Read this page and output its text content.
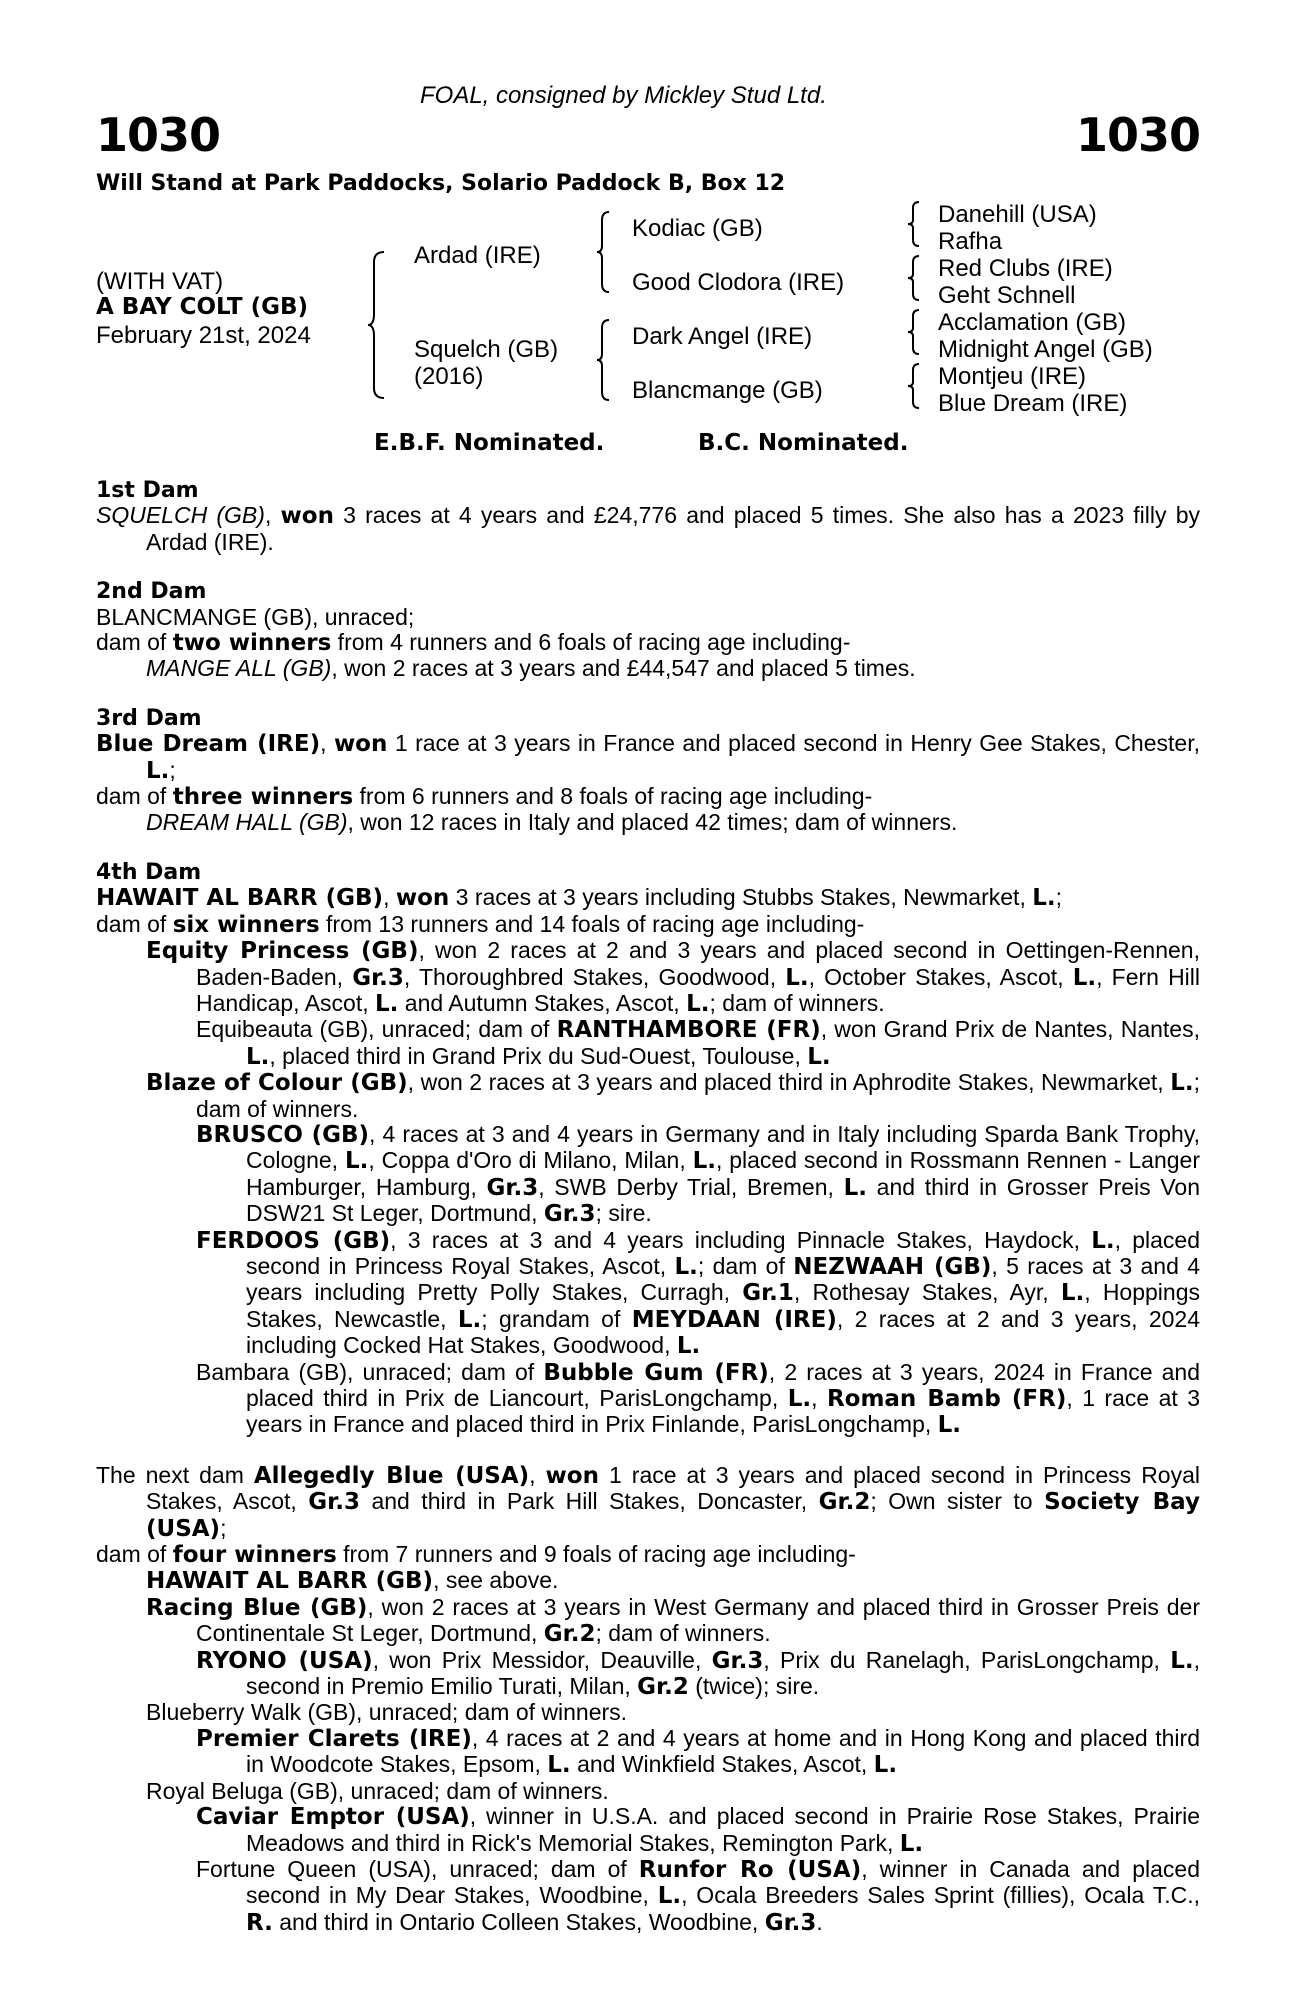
1030	1030
FOAL, consigned by Mickley Stud Ltd.
Will Stand at Park Paddocks, Solario Paddock B, Box 12
(WITH VAT)
A BAY COLT (GB)
February 21st, 2024
Ardad (IRE)
Squelch (GB)
(2016)
Kodiac (GB)
Good Clodora (IRE)
Dark Angel (IRE)
Blancmange (GB)
Danehill (USA)
Rafha
Red Clubs (IRE)
Geht Schnell
Acclamation (GB)
Midnight Angel (GB)
Montjeu (IRE)
Blue Dream (IRE)
E.B.F. Nominated.	B.C. Nominated.
1st Dam
SQUELCH (GB), won 3 races at 4 years and £24,776 and placed 5 times. She also has a 2023 filly by Ardad (IRE).
2nd Dam
BLANCMANGE (GB), unraced;
dam of two winners from 4 runners and 6 foals of racing age including-
MANGE ALL (GB), won 2 races at 3 years and £44,547 and placed 5 times.
3rd Dam
Blue Dream (IRE), won 1 race at 3 years in France and placed second in Henry Gee Stakes, Chester, L.;
dam of three winners from 6 runners and 8 foals of racing age including-
DREAM HALL (GB), won 12 races in Italy and placed 42 times; dam of winners.
4th Dam
HAWAIT AL BARR (GB), won 3 races at 3 years including Stubbs Stakes, Newmarket, L.;
dam of six winners from 13 runners and 14 foals of racing age including-
Equity Princess (GB), won 2 races at 2 and 3 years and placed second in Oettingen-Rennen, Baden-Baden, Gr.3, Thoroughbred Stakes, Goodwood, L., October Stakes, Ascot, L., Fern Hill Handicap, Ascot, L. and Autumn Stakes, Ascot, L.; dam of winners.
Equibeauta (GB), unraced; dam of RANTHAMBORE (FR), won Grand Prix de Nantes, Nantes, L., placed third in Grand Prix du Sud-Ouest, Toulouse, L.
Blaze of Colour (GB), won 2 races at 3 years and placed third in Aphrodite Stakes, Newmarket, L.; dam of winners.
BRUSCO (GB), 4 races at 3 and 4 years in Germany and in Italy including Sparda Bank Trophy, Cologne, L., Coppa d'Oro di Milano, Milan, L., placed second in Rossmann Rennen - Langer Hamburger, Hamburg, Gr.3, SWB Derby Trial, Bremen, L. and third in Grosser Preis Von DSW21 St Leger, Dortmund, Gr.3; sire.
FERDOOS (GB), 3 races at 3 and 4 years including Pinnacle Stakes, Haydock, L., placed second in Princess Royal Stakes, Ascot, L.; dam of NEZWAAH (GB), 5 races at 3 and 4 years including Pretty Polly Stakes, Curragh, Gr.1, Rothesay Stakes, Ayr, L., Hoppings Stakes, Newcastle, L.; grandam of MEYDAAN (IRE), 2 races at 2 and 3 years, 2024 including Cocked Hat Stakes, Goodwood, L.
Bambara (GB), unraced; dam of Bubble Gum (FR), 2 races at 3 years, 2024 in France and placed third in Prix de Liancourt, ParisLongchamp, L., Roman Bamb (FR), 1 race at 3 years in France and placed third in Prix Finlande, ParisLongchamp, L.
The next dam Allegedly Blue (USA), won 1 race at 3 years and placed second in Princess Royal Stakes, Ascot, Gr.3 and third in Park Hill Stakes, Doncaster, Gr.2; Own sister to Society Bay (USA);
dam of four winners from 7 runners and 9 foals of racing age including-
HAWAIT AL BARR (GB), see above.
Racing Blue (GB), won 2 races at 3 years in West Germany and placed third in Grosser Preis der Continentale St Leger, Dortmund, Gr.2; dam of winners.
RYONO (USA), won Prix Messidor, Deauville, Gr.3, Prix du Ranelagh, ParisLongchamp, L., second in Premio Emilio Turati, Milan, Gr.2 (twice); sire.
Blueberry Walk (GB), unraced; dam of winners.
Premier Clarets (IRE), 4 races at 2 and 4 years at home and in Hong Kong and placed third in Woodcote Stakes, Epsom, L. and Winkfield Stakes, Ascot, L.
Royal Beluga (GB), unraced; dam of winners.
Caviar Emptor (USA), winner in U.S.A. and placed second in Prairie Rose Stakes, Prairie Meadows and third in Rick's Memorial Stakes, Remington Park, L.
Fortune Queen (USA), unraced; dam of Runfor Ro (USA), winner in Canada and placed second in My Dear Stakes, Woodbine, L., Ocala Breeders Sales Sprint (fillies), Ocala T.C., R. and third in Ontario Colleen Stakes, Woodbine, Gr.3.
